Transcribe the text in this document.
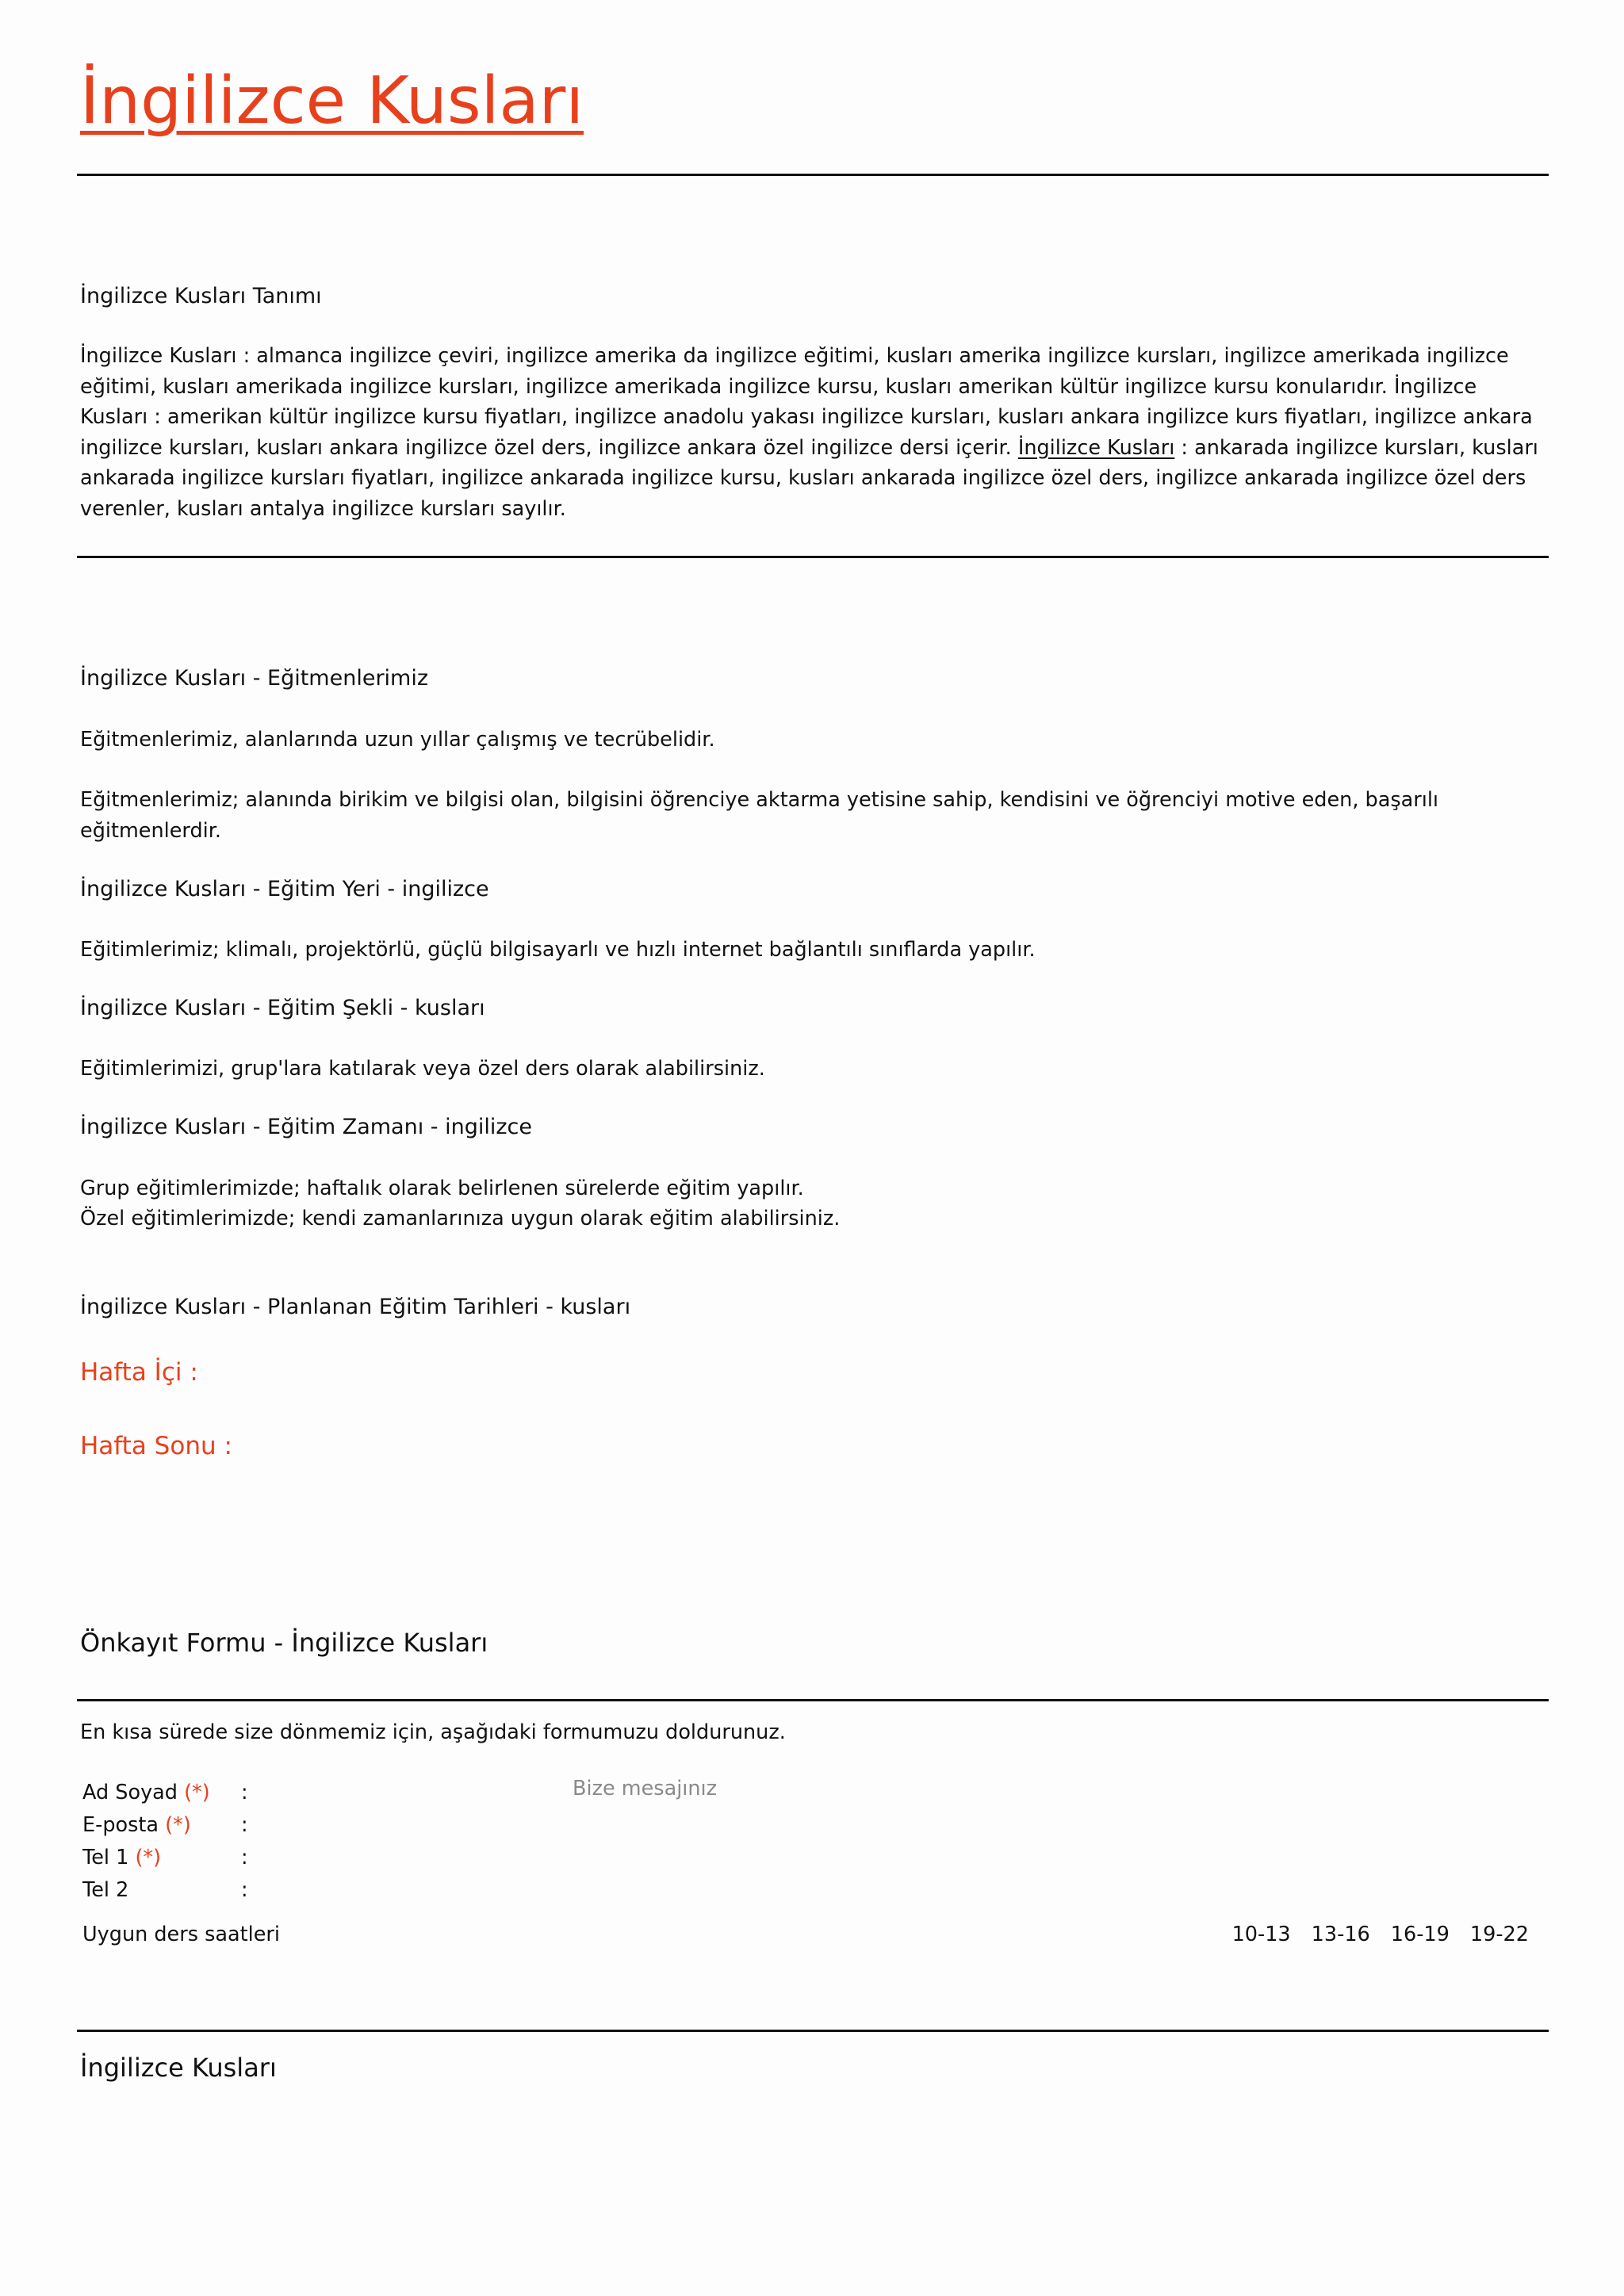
İngilizce Kusları
İngilizce Kusları Tanımı
İngilizce Kusları : almanca ingilizce çeviri, ingilizce amerika da ingilizce eğitimi, kusları amerika ingilizce kursları, ingilizce amerikada ingilizce eğitimi, kusları amerikada ingilizce kursları, ingilizce amerikada ingilizce kursu, kusları amerikan kültür ingilizce kursu konularıdır. İngilizce Kusları : amerikan kültür ingilizce kursu fiyatları, ingilizce anadolu yakası ingilizce kursları, kusları ankara ingilizce kurs fiyatları, ingilizce ankara ingilizce kursları, kusları ankara ingilizce özel ders, ingilizce ankara özel ingilizce dersi içerir. İngilizce Kusları : ankarada ingilizce kursları, kusları ankarada ingilizce kursları fiyatları, ingilizce ankarada ingilizce kursu, kusları ankarada ingilizce özel ders, ingilizce ankarada ingilizce özel ders verenler, kusları antalya ingilizce kursları sayılır.
İngilizce Kusları - Eğitmenlerimiz
Eğitmenlerimiz, alanlarında uzun yıllar çalışmış ve tecrübelidir.
Eğitmenlerimiz; alanında birikim ve bilgisi olan, bilgisini öğrenciye aktarma yetisine sahip, kendisini ve öğrenciyi motive eden, başarılı eğitmenlerdir.
İngilizce Kusları - Eğitim Yeri - ingilizce
Eğitimlerimiz; klimalı, projektörlü, güçlü bilgisayarlı ve hızlı internet bağlantılı sınıflarda yapılır.
İngilizce Kusları - Eğitim Şekli - kusları
Eğitimlerimizi, grup'lara katılarak veya özel ders olarak alabilirsiniz.
İngilizce Kusları - Eğitim Zamanı - ingilizce
Grup eğitimlerimizde; haftalık olarak belirlenen sürelerde eğitim yapılır.
Özel eğitimlerimizde; kendi zamanlarınıza uygun olarak eğitim alabilirsiniz.
İngilizce Kusları - Planlanan Eğitim Tarihleri - kusları
Hafta İçi :
Hafta Sonu :
Önkayıt Formu - İngilizce Kusları
En kısa sürede size dönmemiz için, aşağıdaki formumuzu doldurunuz.
Ad Soyad (*) :
E-posta (*) :
Tel 1 (*)	:
Tel 2	:
Bize mesajınız
Uygun ders saatleri	10-13 13-16 16-19 19-22
İngilizce Kusları
